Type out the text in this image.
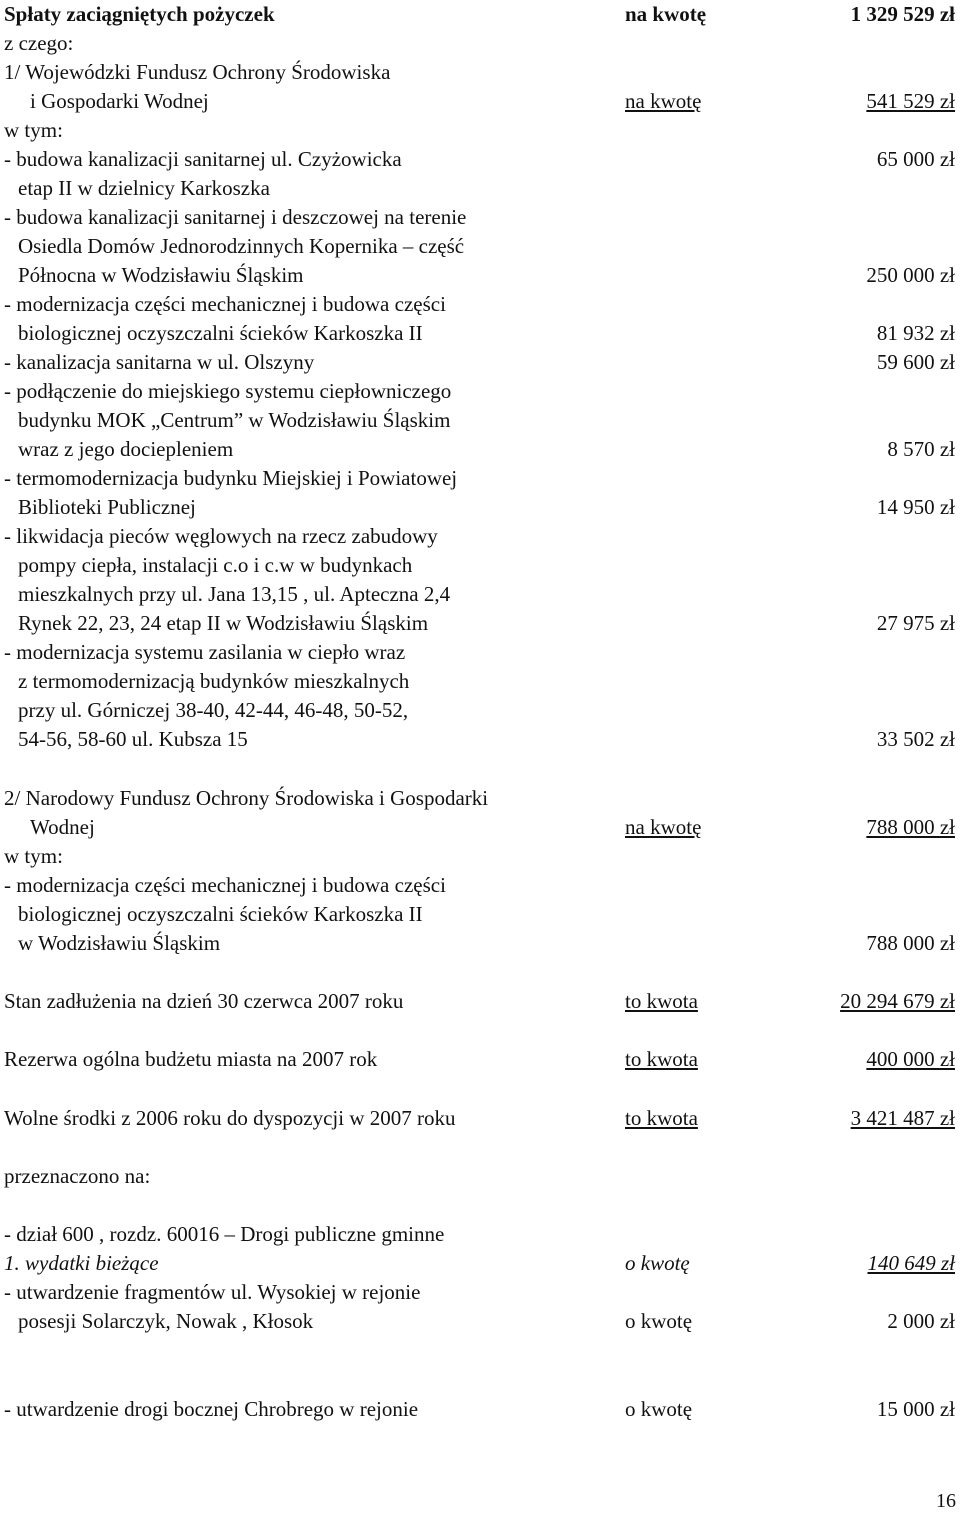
Spłaty zaciągniętych pożyczek	na kwotę	1 329 529 zł
z czego:
1/ Wojewódzki Fundusz Ochrony Środowiska
i Gospodarki Wodnej	na kwotę	541 529 zł
w tym:
- budowa kanalizacji sanitarnej ul. Czyżowicka	65 000 zł
etap II w dzielnicy Karkoszka
- budowa kanalizacji sanitarnej i deszczowej na terenie
Osiedla Domów Jednorodzinnych Kopernika – część
Północna w Wodzisławiu Śląskim	250 000 zł
- modernizacja części mechanicznej i budowa części
biologicznej oczyszczalni ścieków Karkoszka II	81 932 zł
- kanalizacja sanitarna w ul. Olszyny	59 600 zł
- podłączenie do miejskiego systemu ciepłowniczego
budynku MOK „Centrum” w Wodzisławiu Śląskim
wraz z jego dociepleniem	8 570 zł
- termomodernizacja budynku Miejskiej i Powiatowej
Biblioteki Publicznej	14 950 zł
- likwidacja pieców węglowych na rzecz zabudowy
pompy ciepła, instalacji c.o i c.w w budynkach
mieszkalnych przy ul. Jana 13,15 , ul. Apteczna 2,4
Rynek 22, 23, 24 etap II w Wodzisławiu Śląskim	27 975 zł
- modernizacja systemu zasilania w ciepło wraz
z termomodernizacją budynków mieszkalnych
przy ul. Górniczej 38-40, 42-44, 46-48, 50-52,
54-56, 58-60 ul. Kubsza 15	33 502 zł
2/ Narodowy Fundusz Ochrony Środowiska i Gospodarki
Wodnej	na kwotę	788 000 zł
w tym:
- modernizacja części mechanicznej i budowa części
biologicznej oczyszczalni ścieków Karkoszka II
w Wodzisławiu Śląskim	788 000 zł
Stan zadłużenia na dzień 30 czerwca 2007 roku	to kwota	20 294 679 zł
Rezerwa ogólna budżetu miasta na 2007 rok	to kwota	400 000 zł
Wolne środki z 2006 roku do dyspozycji w 2007 roku	to kwota	3 421 487 zł
przeznaczono na:
- dział 600 , rozdz. 60016 – Drogi publiczne gminne
1. wydatki bieżące	o kwotę	140 649 zł
- utwardzenie fragmentów ul. Wysokiej w rejonie
posesji Solarczyk, Nowak , Kłosok	o kwotę	2 000 zł
- utwardzenie drogi bocznej Chrobrego w rejonie	o kwotę	15 000 zł
16
